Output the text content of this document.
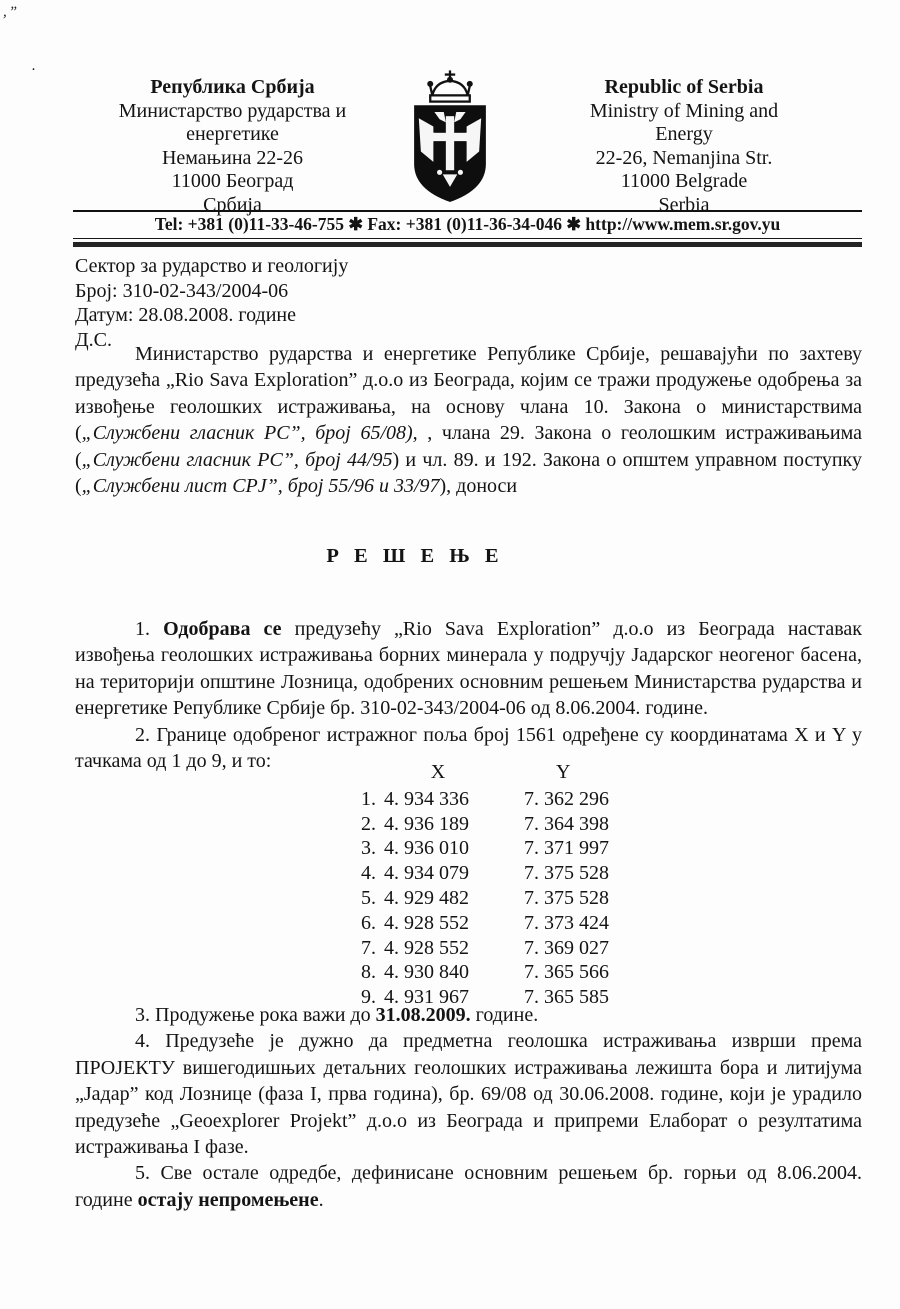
,”
·
Република Србија
Министарство рударства и
енергетике
Немањина 22-26
11000 Београд
Србија
Republic of Serbia
Ministry of Mining and
Energy
22-26, Nemanjina Str.
11000 Belgrade
Serbia
Tel: +381 (0)11-33-46-755 ✱ Fax: +381 (0)11-36-34-046 ✱ http://www.mem.sr.gov.yu
Сектор за рударство и геологију
Број: 310-02-343/2004-06
Датум: 28.08.2008. године
Д.С.

Министарство рударства и енергетике Републике Србије, решавајући по захтеву предузећа „Rio Sava Exploration” д.о.о из Београда, којим се тражи продужење одобрења за извођење геолошких истраживања, на основу члана 10. Закона о министарствима („Службени гласник РС”, број 65/08), , члана 29. Закона о геолошким истраживањима („Службени гласник РС”, број 44/95) и чл. 89. и 192. Закона о општем управном поступку („Службени лист СРЈ”, број 55/96 и 33/97), доноси

Р Е Ш Е Њ Е

1. Одобрава се предузећу „Rio Sava Exploration” д.о.о из Београда наставак извођења геолошких истраживања борних минерала у подручју Јадарског неогеног басена, на територији општине Лозница, одобрених основним решењем Министарства рударства и енергетике Републике Србије бр. 310-02-343/2004-06 од 8.06.2004. године.

2. Границе одобреног истражног поља број 1561 одређене су координатама X и Y у тачкама од 1 до 9, и то:	X	Y
1. 4. 934 336	7. 362 296
2. 4. 936 189	7. 364 398
3. 4. 936 010	7. 371 997
4. 4. 934 079	7. 375 528
5. 4. 929 482	7. 375 528
6. 4. 928 552	7. 373 424
7. 4. 928 552	7. 369 027
8. 4. 930 840	7. 365 566
9. 4. 931 967	7. 365 585

3. Продужење рока важи до 31.08.2009. године.

4. Предузеће је дужно да предметна геолошка истраживања изврши према ПРОЈЕКТУ вишегодишњих детаљних геолошких истраживања лежишта бора и литијума „Јадар” код Лознице (фаза I, прва година), бр. 69/08 од 30.06.2008. године, који је урадило предузеће „Geoexplorer Projekt” д.о.о из Београда и припреми Елаборат о резултатима истраживања I фазе.

5. Све остале одредбе, дефинисане основним решењем бр. горњи од 8.06.2004. године остају непромењене.
